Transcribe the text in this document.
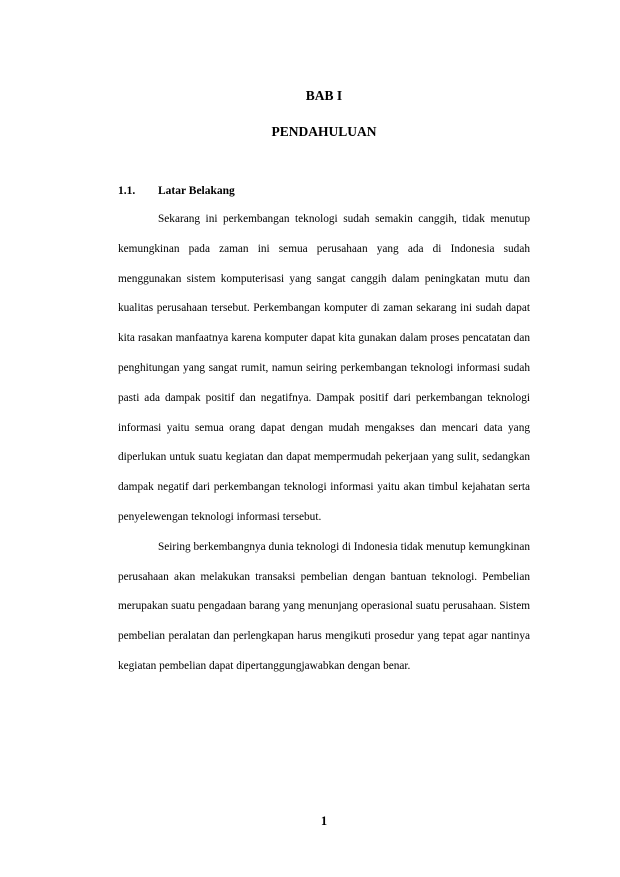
BAB I
PENDAHULUAN
1.1. Latar Belakang

Sekarang ini perkembangan teknologi sudah semakin canggih, tidak menutup kemungkinan pada zaman ini semua perusahaan yang ada di Indonesia sudah menggunakan sistem komputerisasi yang sangat canggih dalam peningkatan mutu dan kualitas perusahaan tersebut. Perkembangan komputer di zaman sekarang ini sudah dapat kita rasakan manfaatnya karena komputer dapat kita gunakan dalam proses pencatatan dan penghitungan yang sangat rumit, namun seiring perkembangan teknologi informasi sudah pasti ada dampak positif dan negatifnya. Dampak positif dari perkembangan teknologi informasi yaitu semua orang dapat dengan mudah mengakses dan mencari data yang diperlukan untuk suatu kegiatan dan dapat mempermudah pekerjaan yang sulit, sedangkan dampak negatif dari perkembangan teknologi informasi yaitu akan timbul kejahatan serta penyelewengan teknologi informasi tersebut.

Seiring berkembangnya dunia teknologi di Indonesia tidak menutup kemungkinan perusahaan akan melakukan transaksi pembelian dengan bantuan teknologi. Pembelian merupakan suatu pengadaan barang yang menunjang operasional suatu perusahaan. Sistem pembelian peralatan dan perlengkapan harus mengikuti prosedur yang tepat agar nantinya kegiatan pembelian dapat dipertanggungjawabkan dengan benar.

1
